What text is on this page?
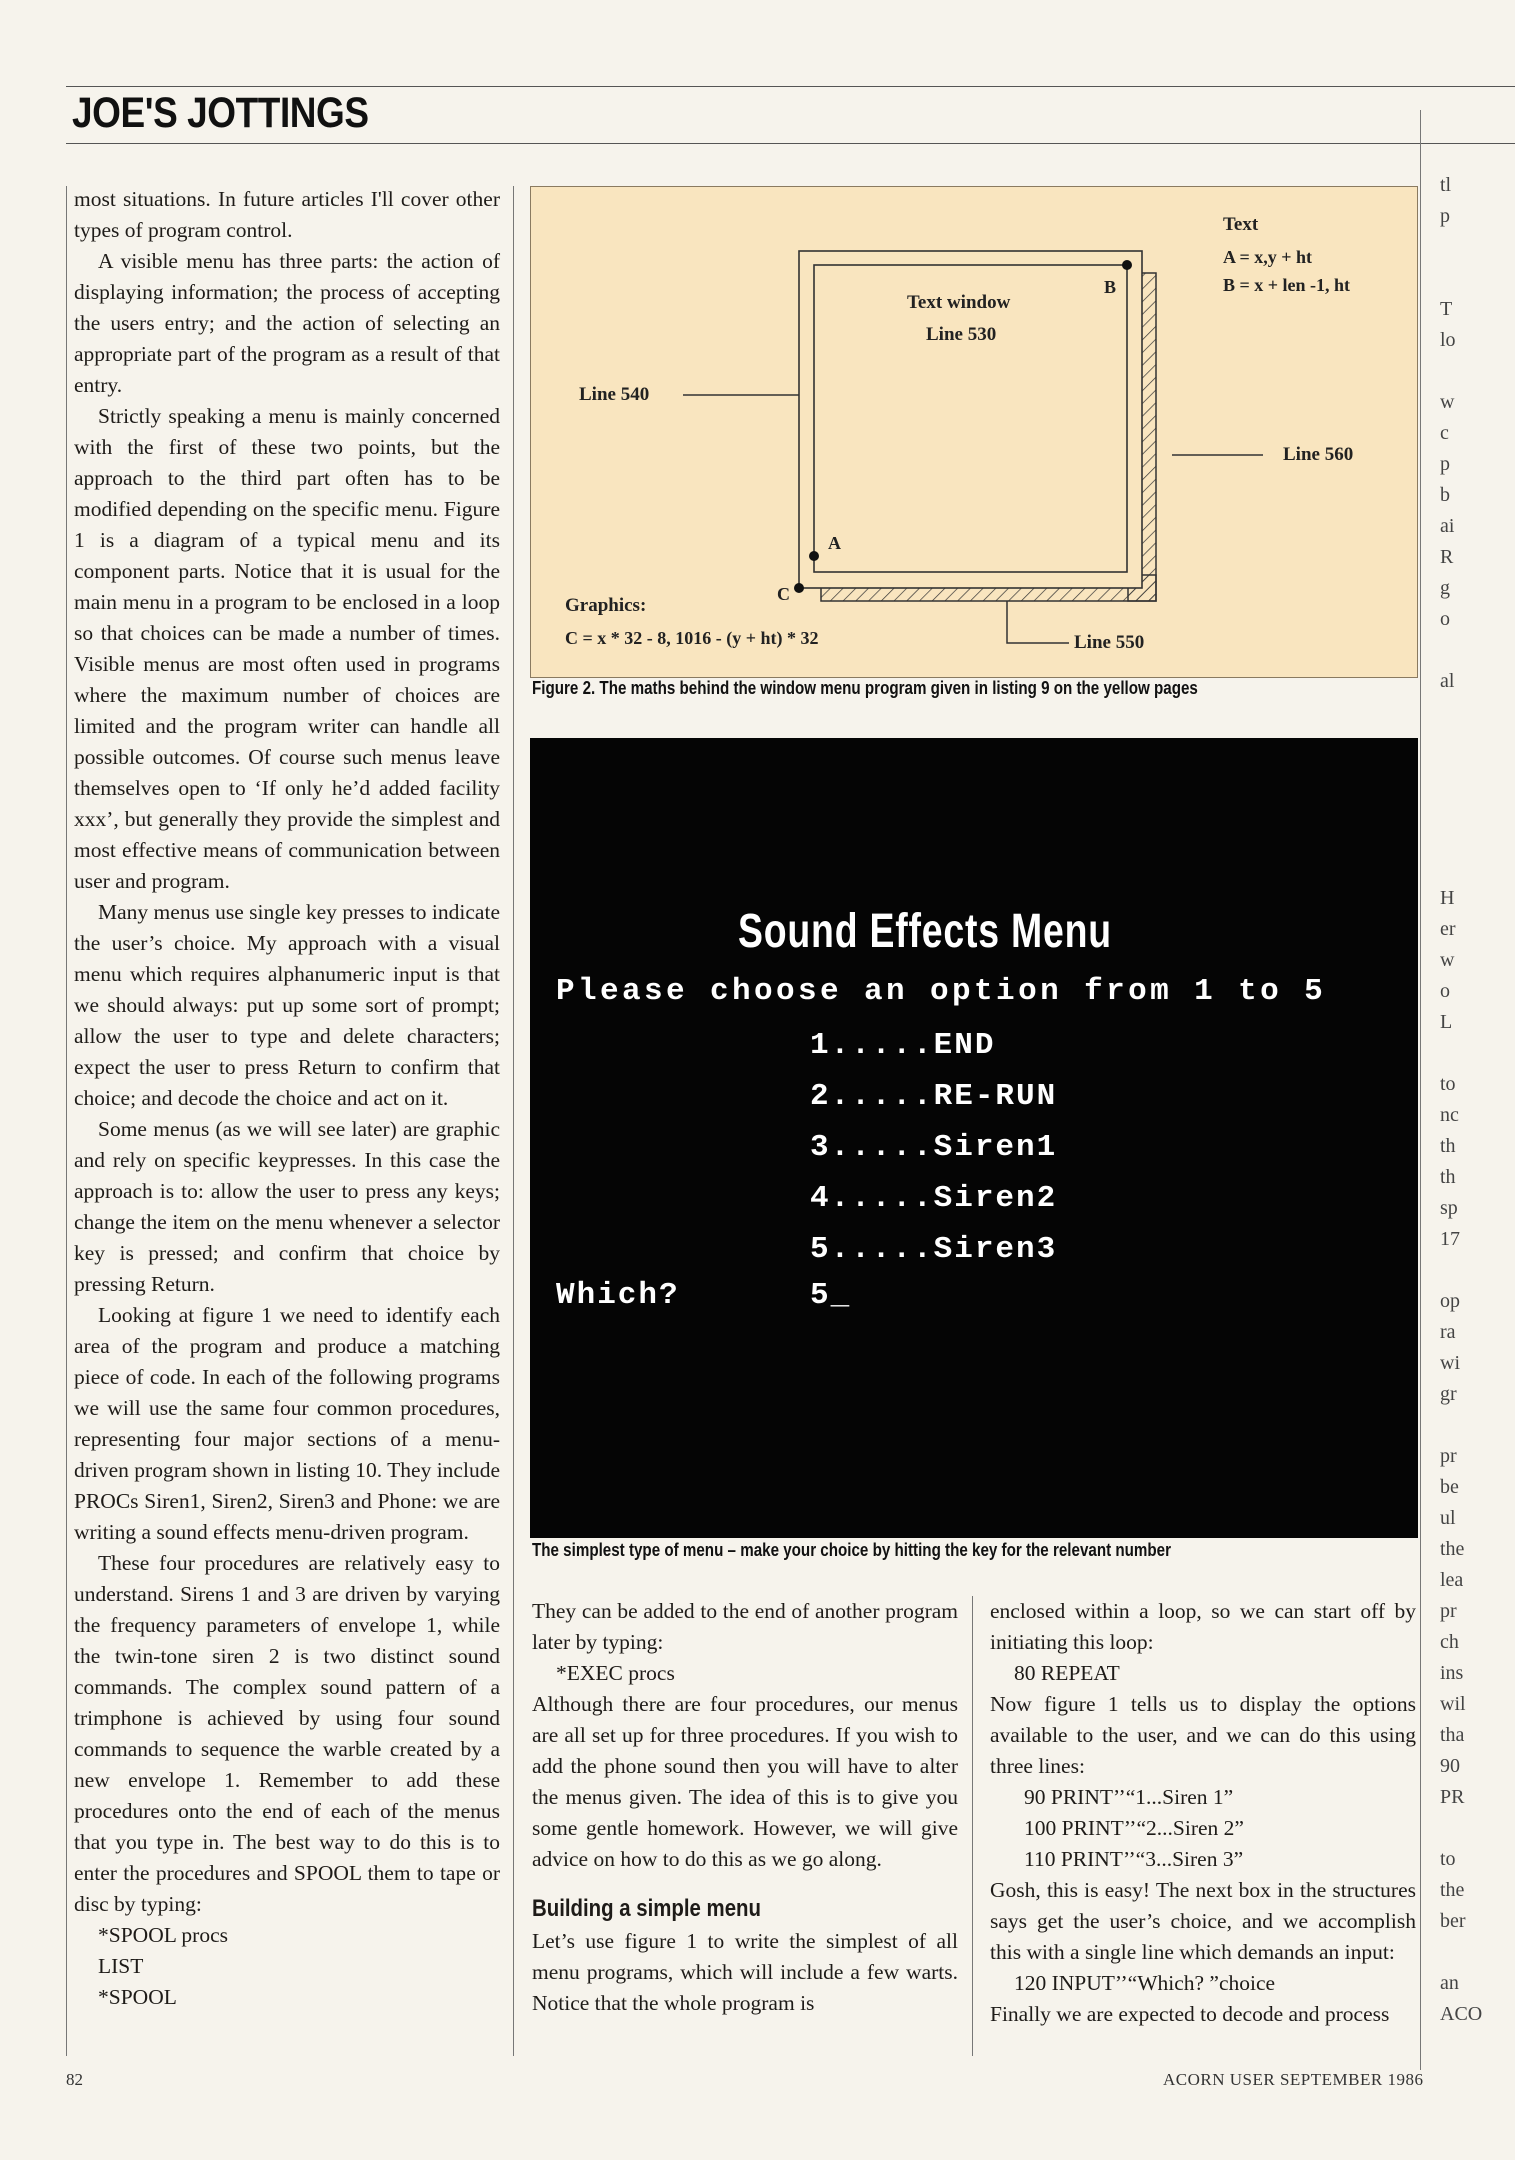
JOE'S JOTTINGS

most situations. In future articles I'll cover other types of program control.

A visible menu has three parts: the action of displaying information; the process of accepting the users entry; and the action of selecting an appropriate part of the program as a result of that entry.

Strictly speaking a menu is mainly concerned with the first of these two points, but the approach to the third part often has to be modified depending on the specific menu. Figure 1 is a diagram of a typical menu and its component parts. Notice that it is usual for the main menu in a program to be enclosed in a loop so that choices can be made a number of times. Visible menus are most often used in programs where the maximum number of choices are limited and the program writer can handle all possible outcomes. Of course such menus leave themselves open to ‘If only he’d added facility xxx’, but generally they provide the simplest and most effective means of communication between user and program.

Many menus use single key presses to indicate the user’s choice. My approach with a visual menu which requires alphanumeric input is that we should always: put up some sort of prompt; allow the user to type and delete characters; expect the user to press Return to confirm that choice; and decode the choice and act on it.

Some menus (as we will see later) are graphic and rely on specific keypresses. In this case the approach is to: allow the user to press any keys; change the item on the menu whenever a selector key is pressed; and confirm that choice by pressing Return.

Looking at figure 1 we need to identify each area of the program and produce a matching piece of code. In each of the following programs we will use the same four common procedures, representing four major sections of a menu-driven program shown in listing 10. They include PROCs Siren1, Siren2, Siren3 and Phone: we are writing a sound effects menu-driven program.

These four procedures are relatively easy to understand. Sirens 1 and 3 are driven by varying the frequency parameters of envelope 1, while the twin-tone siren 2 is two distinct sound commands. The complex sound pattern of a trimphone is achieved by using four sound commands to sequence the warble created by a new envelope 1. Remember to add these procedures onto the end of each of the menus that you type in. The best way to do this is to enter the procedures and SPOOL them to tape or disc by typing:

*SPOOL procs

LIST

*SPOOL

Line 540
Text window
Line 530
B
A
C
Text
A = x,y + ht
B = x + len -1, ht
Line 560
Graphics:
C = x * 32 - 8, 1016 - (y + ht) * 32	Line 550
Figure 2. The maths behind the window menu program given in listing 9 on the yellow pages
Sound Effects Menu
Please choose an option from 1 to 5
1.....END
2.....RE-RUN
3.....Siren1
4.....Siren2
5.....Siren3
Which?	5_
The simplest type of menu – make your choice by hitting the key for the relevant number

They can be added to the end of another program later by typing:

*EXEC procs

Although there are four procedures, our menus are all set up for three procedures. If you wish to add the phone sound then you will have to alter the menus given. The idea of this is to give you some gentle homework. However, we will give advice on how to do this as we go along.

Building a simple menu

Let’s use figure 1 to write the simplest of all menu programs, which will include a few warts. Notice that the whole program is

enclosed within a loop, so we can start off by initiating this loop:

80 REPEAT

Now figure 1 tells us to display the options available to the user, and we can do this using three lines:

90 PRINT’’“1...Siren 1”

100 PRINT’’“2...Siren 2”

110 PRINT’’“3...Siren 3”

Gosh, this is easy! The next box in the structures says get the user’s choice, and we accomplish this with a single line which demands an input:

120 INPUT’’“Which? ”choice

Finally we are expected to decode and process

tl
p
T
lo
w
c
p
b
ai
R
g
o
al
H
er
w
o
L
to
nc
th
th
sp
17
op
ra
wi
gr
pr
be
ul
the
lea
pr
ch
ins
wil
tha
90
PR
to
the
ber
an
ACO
82	ACORN USER SEPTEMBER 1986
